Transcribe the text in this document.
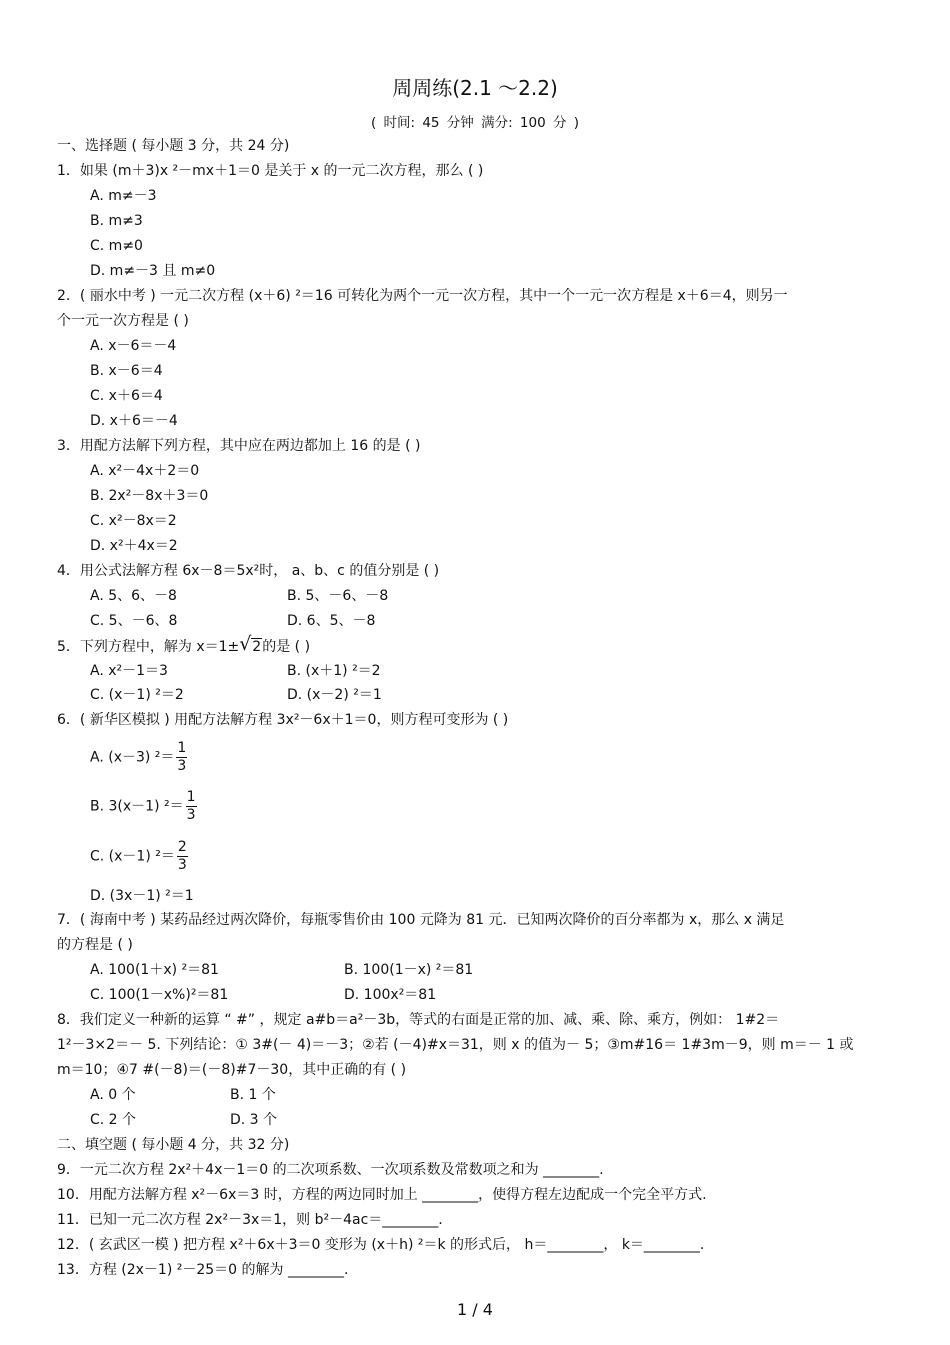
周周练(2.1 ～2.2)
( 时间: 45 分钟 满分: 100 分 )
一、选择题 ( 每小题 3 分，共 24 分)
1．如果 (m＋3)x ²－mx＋1＝0 是关于 x 的一元二次方程，那么 ( )
A. m≠－3
B. m≠3
C. m≠0
D. m≠－3 且 m≠0
2．( 丽水中考 ) 一元二次方程 (x＋6) ²＝16 可转化为两个一元一次方程，其中一个一元一次方程是 x＋6＝4，则另一
个一元一次方程是 ( )
A. x－6＝－4
B. x－6＝4
C. x＋6＝4
D. x＋6＝－4
3．用配方法解下列方程，其中应在两边都加上 16 的是 ( )
A. x²－4x＋2＝0
B. 2x²－8x＋3＝0
C. x²－8x＝2
D. x²＋4x＝2
4．用公式法解方程 6x－8＝5x²时， a、b、c 的值分别是 ( )
A. 5、6、－8	B. 5、－6、－8
C. 5、－6、8	D. 6、5、－8
5．下列方程中，解为 x＝1±√ 2的是 ( )
A. x²－1＝3	B. (x＋1) ²＝2
C. (x－1) ²＝2	D. (x－2) ²＝1
6．( 新华区模拟 ) 用配方法解方程 3x²－6x＋1＝0，则方程可变形为 ( )
A. (x－3) $^2= \frac{1}{3}$
B. 3(x－1) $^2= \frac{1}{3}$
C. (x－1) $^2= \frac{2}{3}$
D. (3x－1) ²＝1
7．( 海南中考 ) 某药品经过两次降价，每瓶零售价由 100 元降为 81 元．已知两次降价的百分率都为 x，那么 x 满足
的方程是 ( )
A. 100(1＋x) ²＝81	B. 100(1－x) ²＝81
C. 100(1－x%)²＝81	D. 100x²＝81
8．我们定义一种新的运算 “ #” ，规定 a#b＝a²－3b，等式的右面是正常的加、减、乘、除、乘方，例如： 1#2＝
1²－3×2＝－ 5. 下列结论：① 3#(－ 4)＝－3；②若 (－4)#x＝31，则 x 的值为－ 5；③m#16＝ 1#3m－9，则 m＝－ 1 或
m＝10；④7 #(－8)＝(－8)#7－30，其中正确的有 ( )
A. 0 个	B. 1 个
C. 2 个	D. 3 个
二、填空题 ( 每小题 4 分，共 32 分)
9．一元二次方程 2x²＋4x－1＝0 的二次项系数、一次项系数及常数项之和为 ________.
10．用配方法解方程 x²－6x＝3 时，方程的两边同时加上 ________，使得方程左边配成一个完全平方式.
11．已知一元二次方程 2x²－3x＝1，则 b²－4ac＝________.
12．( 玄武区一模 ) 把方程 x²＋6x＋3＝0 变形为 (x＋h) ²＝k 的形式后， h＝________， k＝________.
13．方程 (2x－1) ²－25＝0 的解为 ________.
1 / 4
